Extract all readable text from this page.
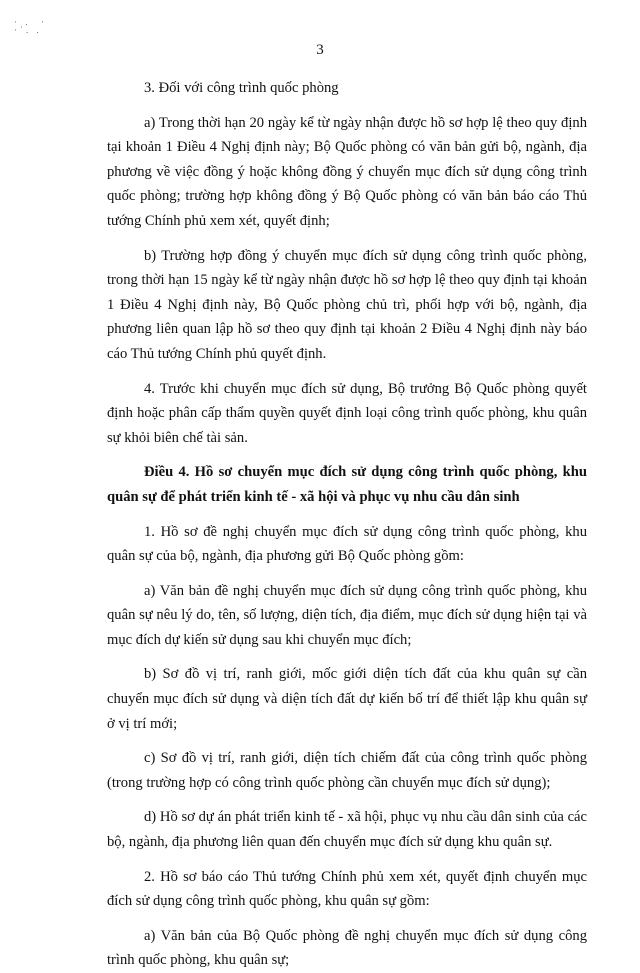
· .  ·
·˙. .
3

3. Đối với công trình quốc phòng

a) Trong thời hạn 20 ngày kể từ ngày nhận được hồ sơ hợp lệ theo quy định tại khoản 1 Điều 4 Nghị định này; Bộ Quốc phòng có văn bản gửi bộ, ngành, địa phương về việc đồng ý hoặc không đồng ý chuyển mục đích sử dụng công trình quốc phòng; trường hợp không đồng ý Bộ Quốc phòng có văn bản báo cáo Thủ tướng Chính phủ xem xét, quyết định;

b) Trường hợp đồng ý chuyển mục đích sử dụng công trình quốc phòng, trong thời hạn 15 ngày kể từ ngày nhận được hồ sơ hợp lệ theo quy định tại khoản 1 Điều 4 Nghị định này, Bộ Quốc phòng chủ trì, phối hợp với bộ, ngành, địa phương liên quan lập hồ sơ theo quy định tại khoản 2 Điều 4 Nghị định này báo cáo Thủ tướng Chính phủ quyết định.

4. Trước khi chuyển mục đích sử dụng, Bộ trưởng Bộ Quốc phòng quyết định hoặc phân cấp thẩm quyền quyết định loại công trình quốc phòng, khu quân sự khỏi biên chế tài sản.

Điều 4. Hồ sơ chuyển mục đích sử dụng công trình quốc phòng, khu quân sự để phát triển kinh tế - xã hội và phục vụ nhu cầu dân sinh

1. Hồ sơ đề nghị chuyển mục đích sử dụng công trình quốc phòng, khu quân sự của bộ, ngành, địa phương gửi Bộ Quốc phòng gồm:

a) Văn bản đề nghị chuyển mục đích sử dụng công trình quốc phòng, khu quân sự nêu lý do, tên, số lượng, diện tích, địa điểm, mục đích sử dụng hiện tại và mục đích dự kiến sử dụng sau khi chuyển mục đích;

b) Sơ đồ vị trí, ranh giới, mốc giới diện tích đất của khu quân sự cần chuyển mục đích sử dụng và diện tích đất dự kiến bố trí để thiết lập khu quân sự ở vị trí mới;

c) Sơ đồ vị trí, ranh giới, diện tích chiếm đất của công trình quốc phòng (trong trường hợp có công trình quốc phòng cần chuyển mục đích sử dụng);

d) Hồ sơ dự án phát triển kinh tế - xã hội, phục vụ nhu cầu dân sinh của các bộ, ngành, địa phương liên quan đến chuyển mục đích sử dụng khu quân sự.

2. Hồ sơ báo cáo Thủ tướng Chính phủ xem xét, quyết định chuyển mục đích sử dụng công trình quốc phòng, khu quân sự gồm:

a) Văn bản của Bộ Quốc phòng đề nghị chuyển mục đích sử dụng công trình quốc phòng, khu quân sự;
